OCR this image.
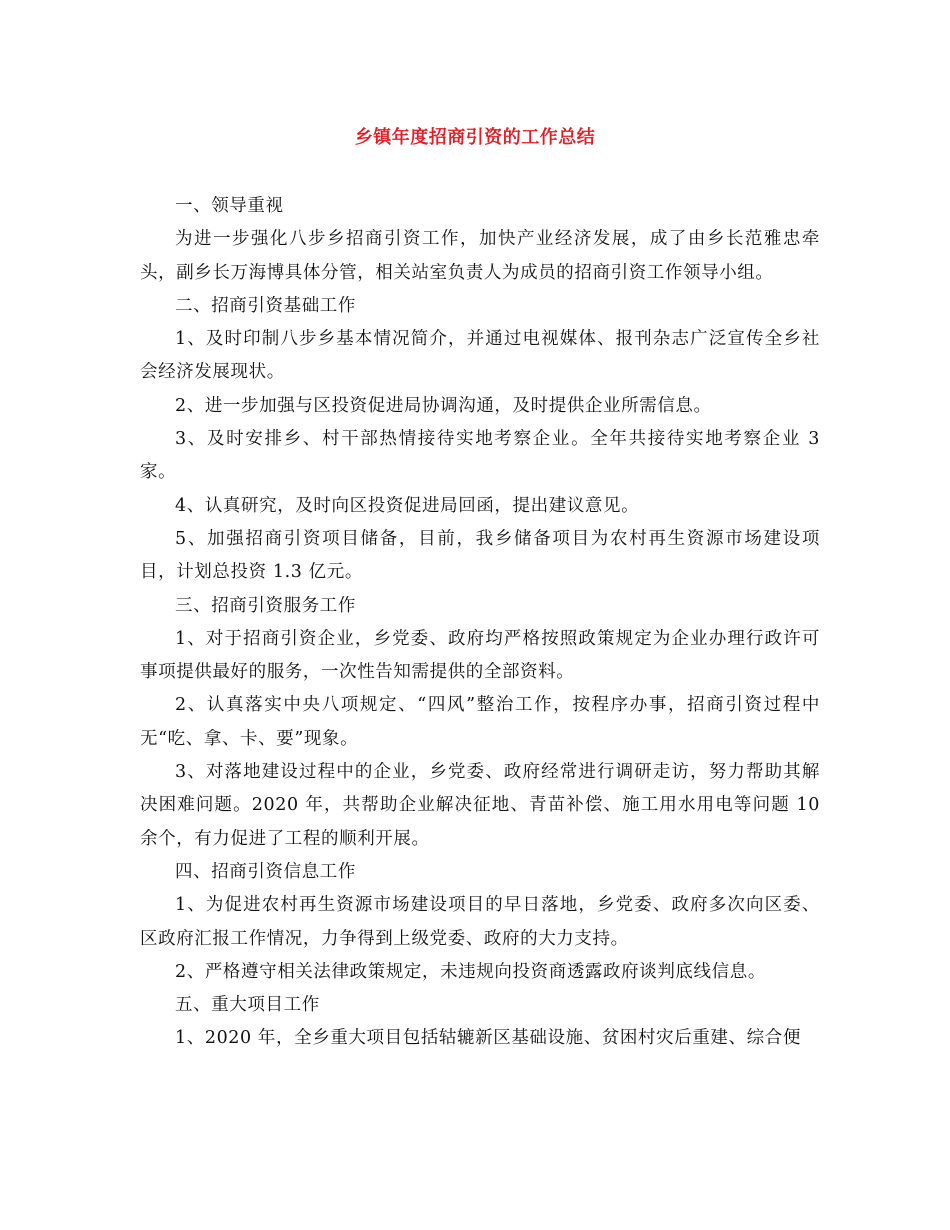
乡镇年度招商引资的工作总结

一、领导重视

为进一步强化八步乡招商引资工作，加快产业经济发展，成了由乡长范雅忠牵头，副乡长万海博具体分管，相关站室负责人为成员的招商引资工作领导小组。

二、招商引资基础工作

1、及时印制八步乡基本情况简介，并通过电视媒体、报刊杂志广泛宣传全乡社会经济发展现状。

2、进一步加强与区投资促进局协调沟通，及时提供企业所需信息。

3、及时安排乡、村干部热情接待实地考察企业。全年共接待实地考察企业 3 家。

4、认真研究，及时向区投资促进局回函，提出建议意见。

5、加强招商引资项目储备，目前，我乡储备项目为农村再生资源市场建设项目，计划总投资 1.3 亿元。

三、招商引资服务工作

1、对于招商引资企业，乡党委、政府均严格按照政策规定为企业办理行政许可事项提供最好的服务，一次性告知需提供的全部资料。

2、认真落实中央八项规定、“四风”整治工作，按程序办事，招商引资过程中无“吃、拿、卡、要”现象。

3、对落地建设过程中的企业，乡党委、政府经常进行调研走访，努力帮助其解决困难问题。2020 年，共帮助企业解决征地、青苗补偿、施工用水用电等问题 10 余个，有力促进了工程的顺利开展。

四、招商引资信息工作

1、为促进农村再生资源市场建设项目的早日落地，乡党委、政府多次向区委、区政府汇报工作情况，力争得到上级党委、政府的大力支持。

2、严格遵守相关法律政策规定，未违规向投资商透露政府谈判底线信息。

五、重大项目工作

1、2020 年，全乡重大项目包括轱辘新区基础设施、贫困村灾后重建、综合便
